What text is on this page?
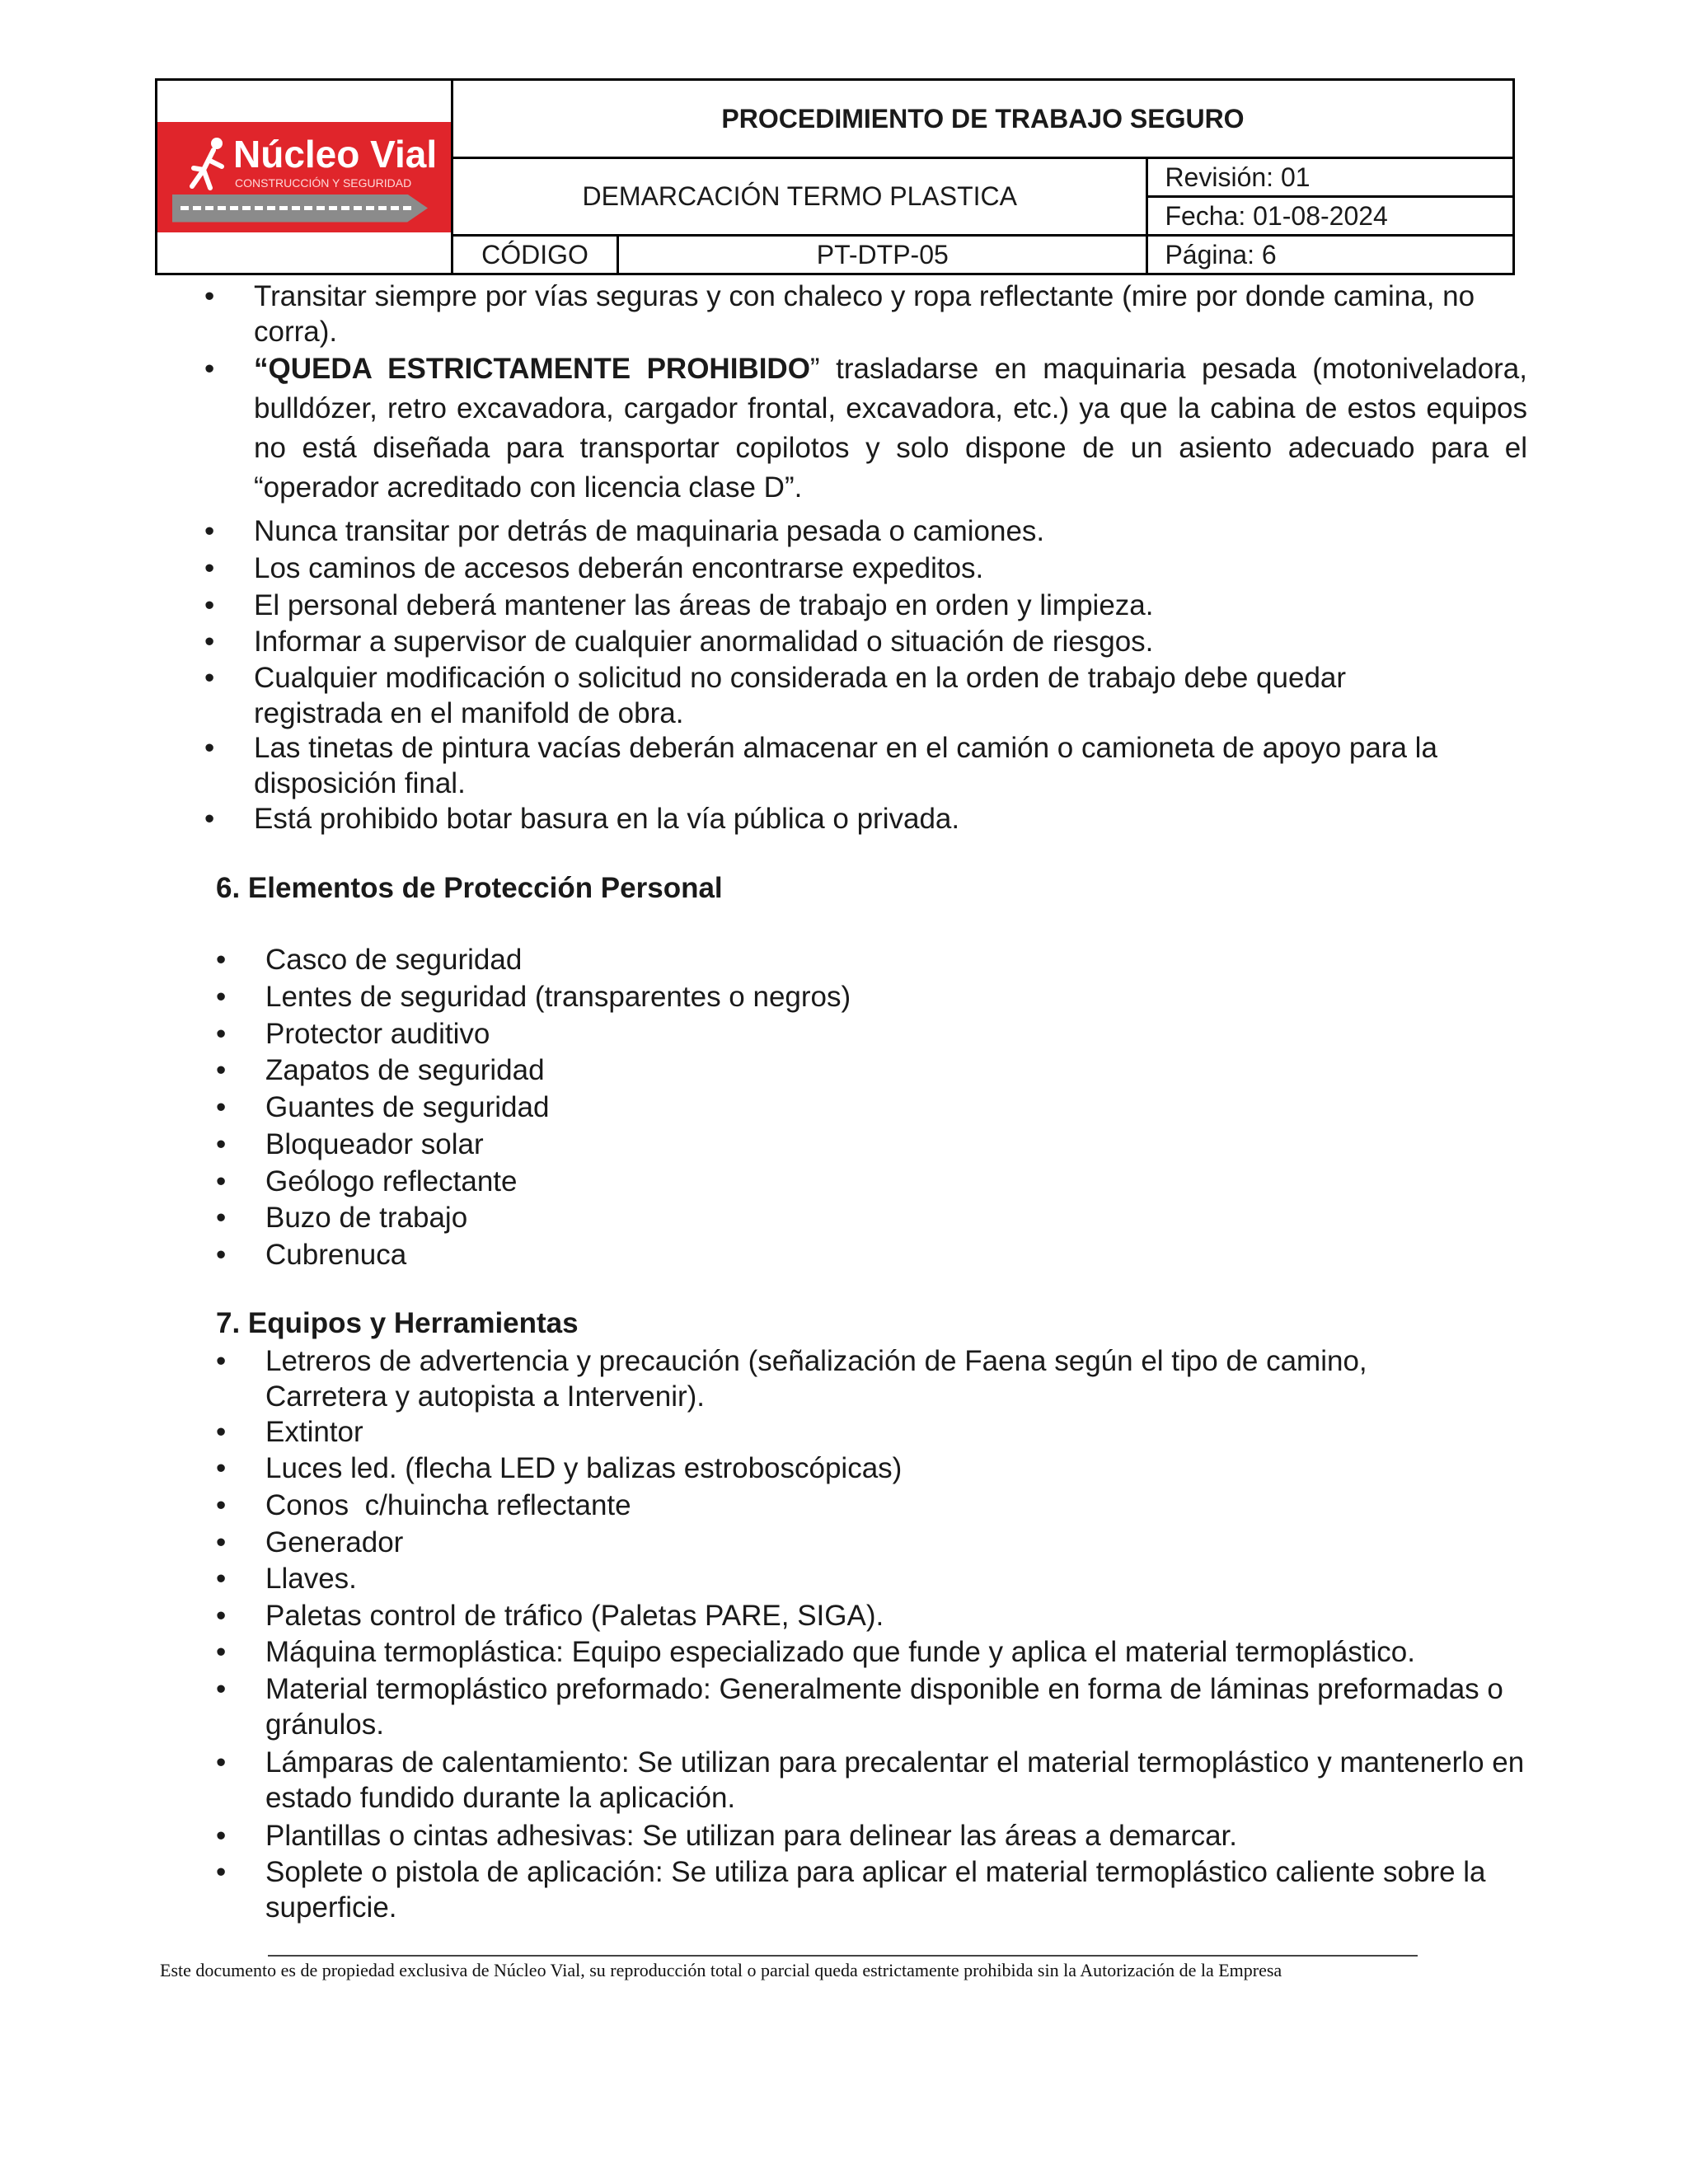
Núcleo Vial
CONSTRUCCIÓN Y SEGURIDAD	PROCEDIMIENTO DE TRABAJO SEGURO		
	DEMARCACIÓN TERMO PLASTICA		Revisión: 01
			Fecha: 01-08-2024
	CÓDIGO	PT-DTP-05	Página: 6
• Transitar siempre por vías seguras y con chaleco y ropa reflectante (mire por donde camina, no corra).
• “QUEDA ESTRICTAMENTE PROHIBIDO” trasladarse en maquinaria pesada (motoniveladora, bulldózer, retro excavadora, cargador frontal, excavadora, etc.) ya que la cabina de estos equipos no está diseñada para transportar copilotos y solo dispone de un asiento adecuado para el “operador acreditado con licencia clase D”.
• Nunca transitar por detrás de maquinaria pesada o camiones.
• Los caminos de accesos deberán encontrarse expeditos.
• El personal deberá mantener las áreas de trabajo en orden y limpieza.
• Informar a supervisor de cualquier anormalidad o situación de riesgos.
• Cualquier modificación o solicitud no considerada en la orden de trabajo debe quedar registrada en el manifold de obra.
• Las tinetas de pintura vacías deberán almacenar en el camión o camioneta de apoyo para la disposición final.
• Está prohibido botar basura en la vía pública o privada.
6. Elementos de Protección Personal
• Casco de seguridad
• Lentes de seguridad (transparentes o negros)
• Protector auditivo
• Zapatos de seguridad
• Guantes de seguridad
• Bloqueador solar
• Geólogo reflectante
• Buzo de trabajo
• Cubrenuca
7. Equipos y Herramientas
• Letreros de advertencia y precaución (señalización de Faena según el tipo de camino, Carretera y autopista a Intervenir).
• Extintor
• Luces led. (flecha LED y balizas estroboscópicas)
• Conos  c/huincha reflectante
• Generador
• Llaves.
• Paletas control de tráfico (Paletas PARE, SIGA).
• Máquina termoplástica: Equipo especializado que funde y aplica el material termoplástico.
• Material termoplástico preformado: Generalmente disponible en forma de láminas preformadas o gránulos.
• Lámparas de calentamiento: Se utilizan para precalentar el material termoplástico y mantenerlo en estado fundido durante la aplicación.
• Plantillas o cintas adhesivas: Se utilizan para delinear las áreas a demarcar.
• Soplete o pistola de aplicación: Se utiliza para aplicar el material termoplástico caliente sobre la superficie.
Este documento es de propiedad exclusiva de Núcleo Vial, su reproducción total o parcial queda estrictamente prohibida sin la Autorización de la Empresa
